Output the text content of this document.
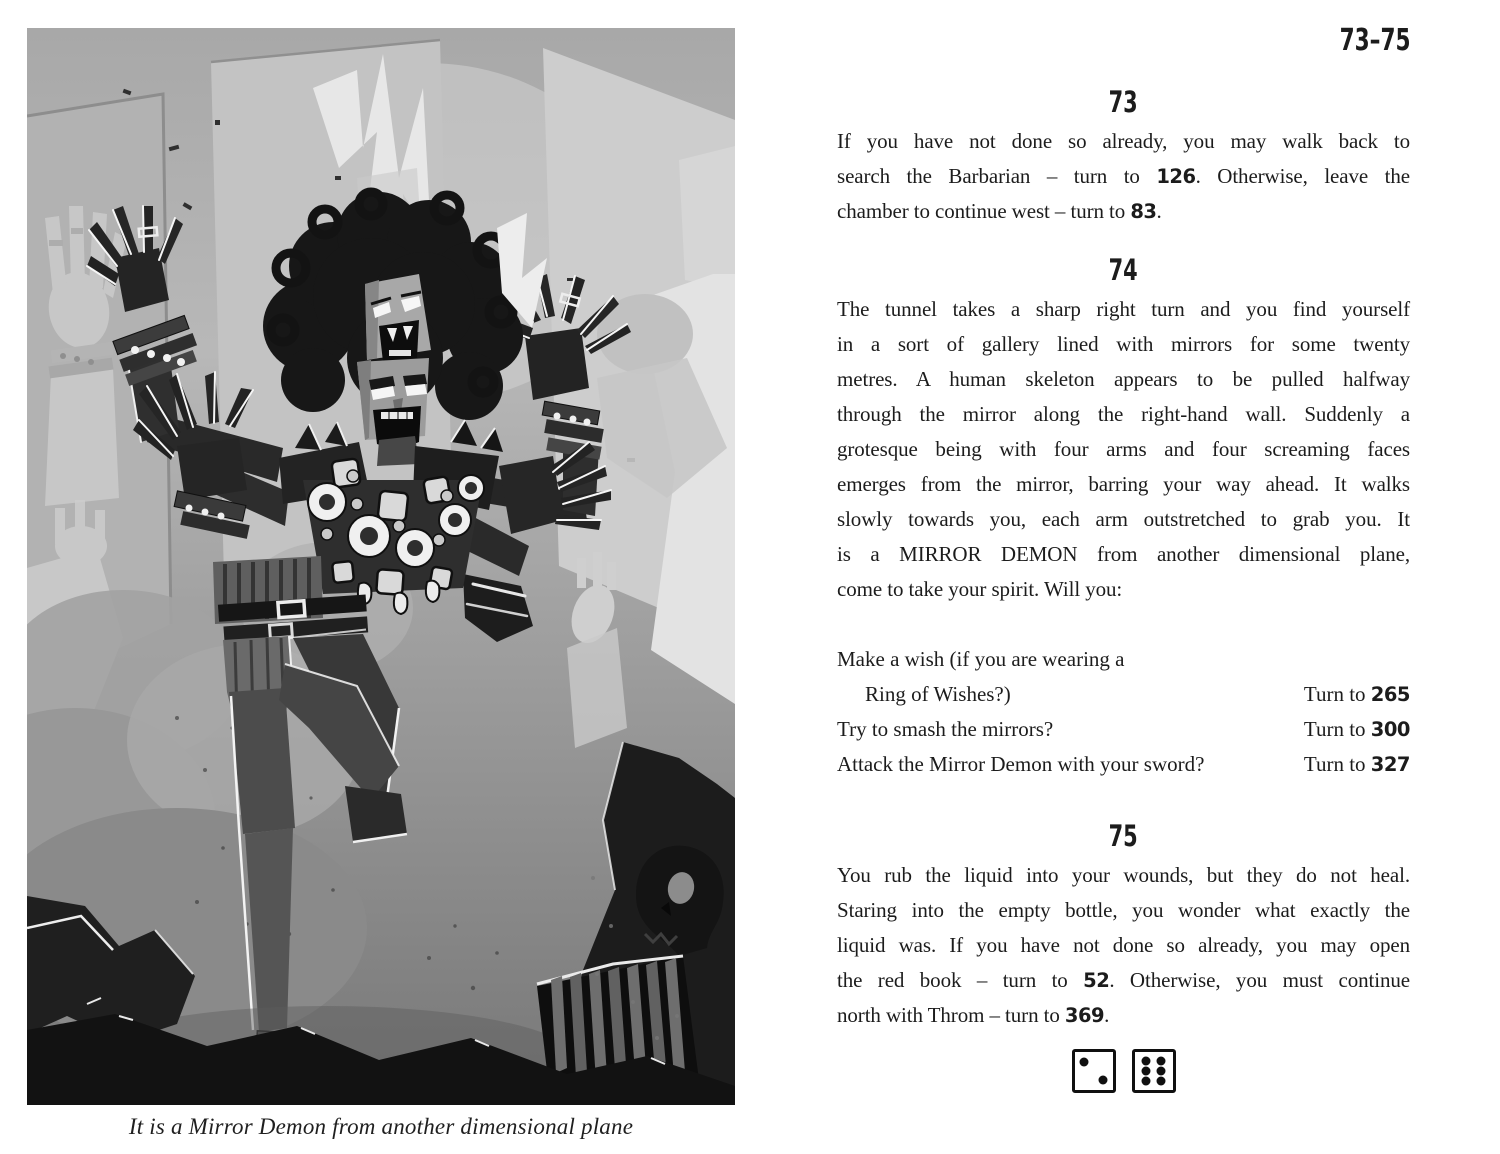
It is a Mirror Demon from another dimensional plane
73–75
73
If you have not done so already, you may walk back to
search the Barbarian – turn to 126. Otherwise, leave the
chamber to continue west – turn to 83.
74
The tunnel takes a sharp right turn and you find yourself
in a sort of gallery lined with mirrors for some twenty
metres. A human skeleton appears to be pulled halfway
through the mirror along the right-hand wall. Suddenly a
grotesque being with four arms and four screaming faces
emerges from the mirror, barring your way ahead. It walks
slowly towards you, each arm outstretched to grab you. It
is a MIRROR DEMON from another dimensional plane,
come to take your spirit. Will you:
Make a wish (if you are wearing a
Ring of Wishes?)	Turn to 265
Try to smash the mirrors?	Turn to 300
Attack the Mirror Demon with your sword?	Turn to 327
75
You rub the liquid into your wounds, but they do not heal.
Staring into the empty bottle, you wonder what exactly the
liquid was. If you have not done so already, you may open
the red book – turn to 52. Otherwise, you must continue
north with Throm – turn to 369.
